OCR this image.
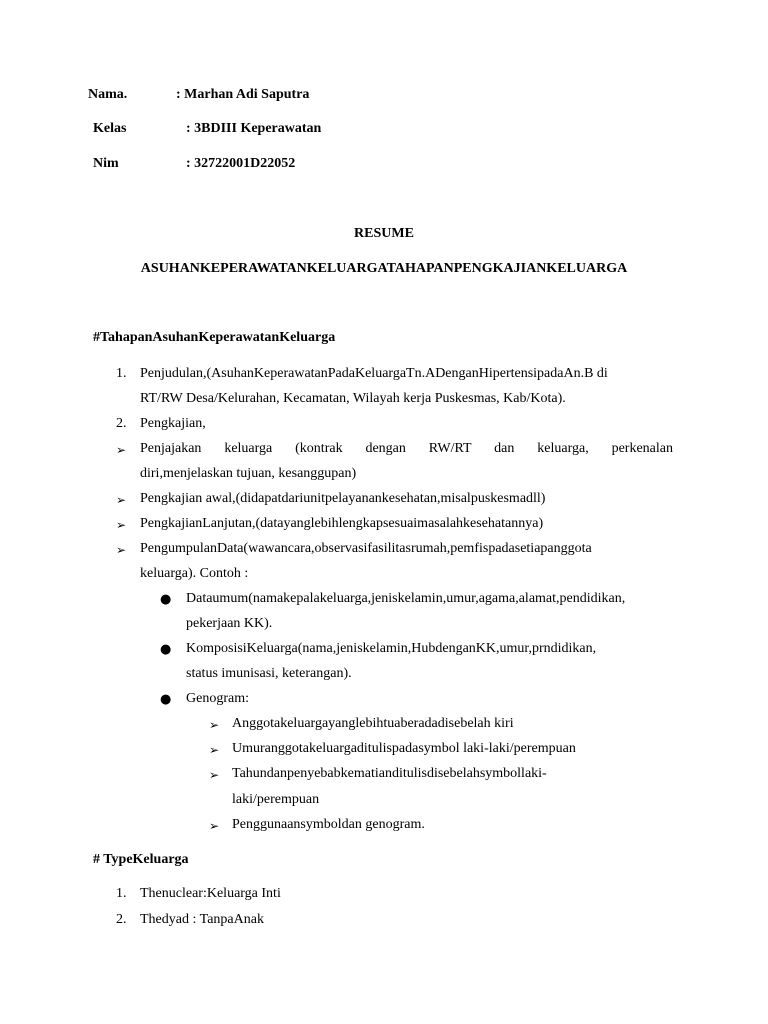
Nama.	: Marhan Adi Saputra
Kelas	: 3BDIII Keperawatan
Nim	: 32722001D22052
RESUME
ASUHANKEPERAWATANKELUARGATAHAPANPENGKAJIANKELUARGA
#TahapanAsuhanKeperawatanKeluarga
1. Penjudulan,(AsuhanKeperawatanPadaKeluargaTn.ADenganHipertensipadaAn.B di
RT/RW Desa/Kelurahan, Kecamatan, Wilayah kerja Puskesmas, Kab/Kota).
2. Pengkajian,
➢ Penjajakan keluarga (kontrak dengan RW/RT dan keluarga, perkenalan
diri,menjelaskan tujuan, kesanggupan)
➢ Pengkajian awal,(didapatdariunitpelayanankesehatan,misalpuskesmadll)
➢ PengkajianLanjutan,(datayanglebihlengkapsesuaimasalahkesehatannya)
➢ PengumpulanData(wawancara,observasifasilitasrumah,pemfispadasetiapanggota
keluarga). Contoh :
● Dataumum(namakepalakeluarga,jeniskelamin,umur,agama,alamat,pendidikan,
pekerjaan KK).
● KomposisiKeluarga(nama,jeniskelamin,HubdenganKK,umur,prndidikan,
status imunisasi, keterangan).
● Genogram:
➢ Anggotakeluargayanglebihtuaberadadisebelah kiri
➢ Umuranggotakeluargaditulispadasymbol laki-laki/perempuan
➢ Tahundanpenyebabkematianditulisdisebelahsymbollaki-
laki/perempuan
➢ Penggunaansymboldan genogram.
# TypeKeluarga
1. Thenuclear:Keluarga Inti
2. Thedyad : TanpaAnak
